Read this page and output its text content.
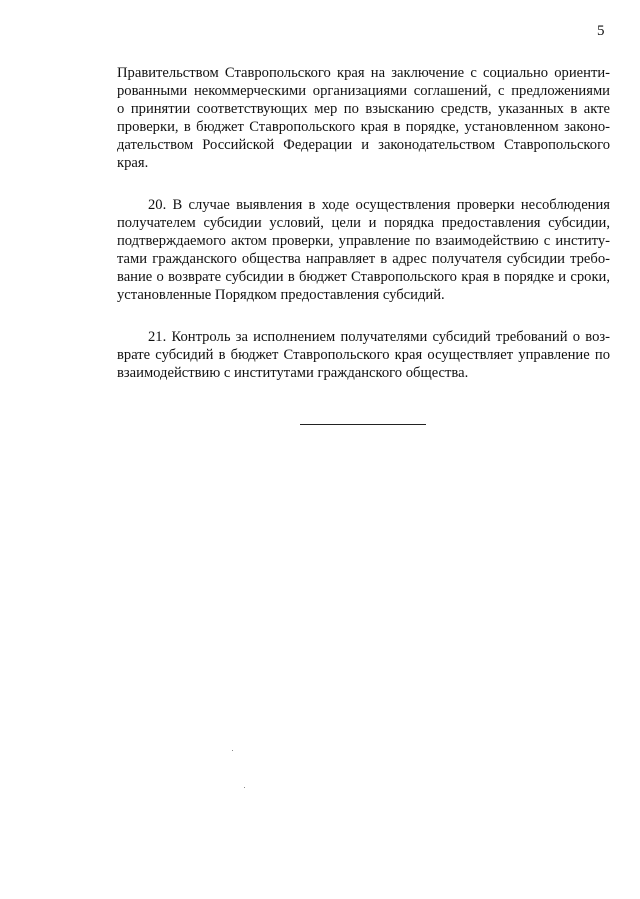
5
Правительством Ставропольского края на заключение с социально ориенти-
рованными некоммерческими организациями соглашений, с предложениями
о принятии соответствующих мер по взысканию средств, указанных в акте
проверки, в бюджет Ставропольского края в порядке, установленном законо-
дательством Российской Федерации и законодательством Ставропольского
края.
20. В случае выявления в ходе осуществления проверки несоблюдения
получателем субсидии условий, цели и порядка предоставления субсидии,
подтверждаемого актом проверки, управление по взаимодействию с институ-
тами гражданского общества направляет в адрес получателя субсидии требо-
вание о возврате субсидии в бюджет Ставропольского края в порядке и сроки,
установленные Порядком предоставления субсидий.
21. Контроль за исполнением получателями субсидий требований о воз-
врате субсидий в бюджет Ставропольского края осуществляет управление по
взаимодействию с институтами гражданского общества.
